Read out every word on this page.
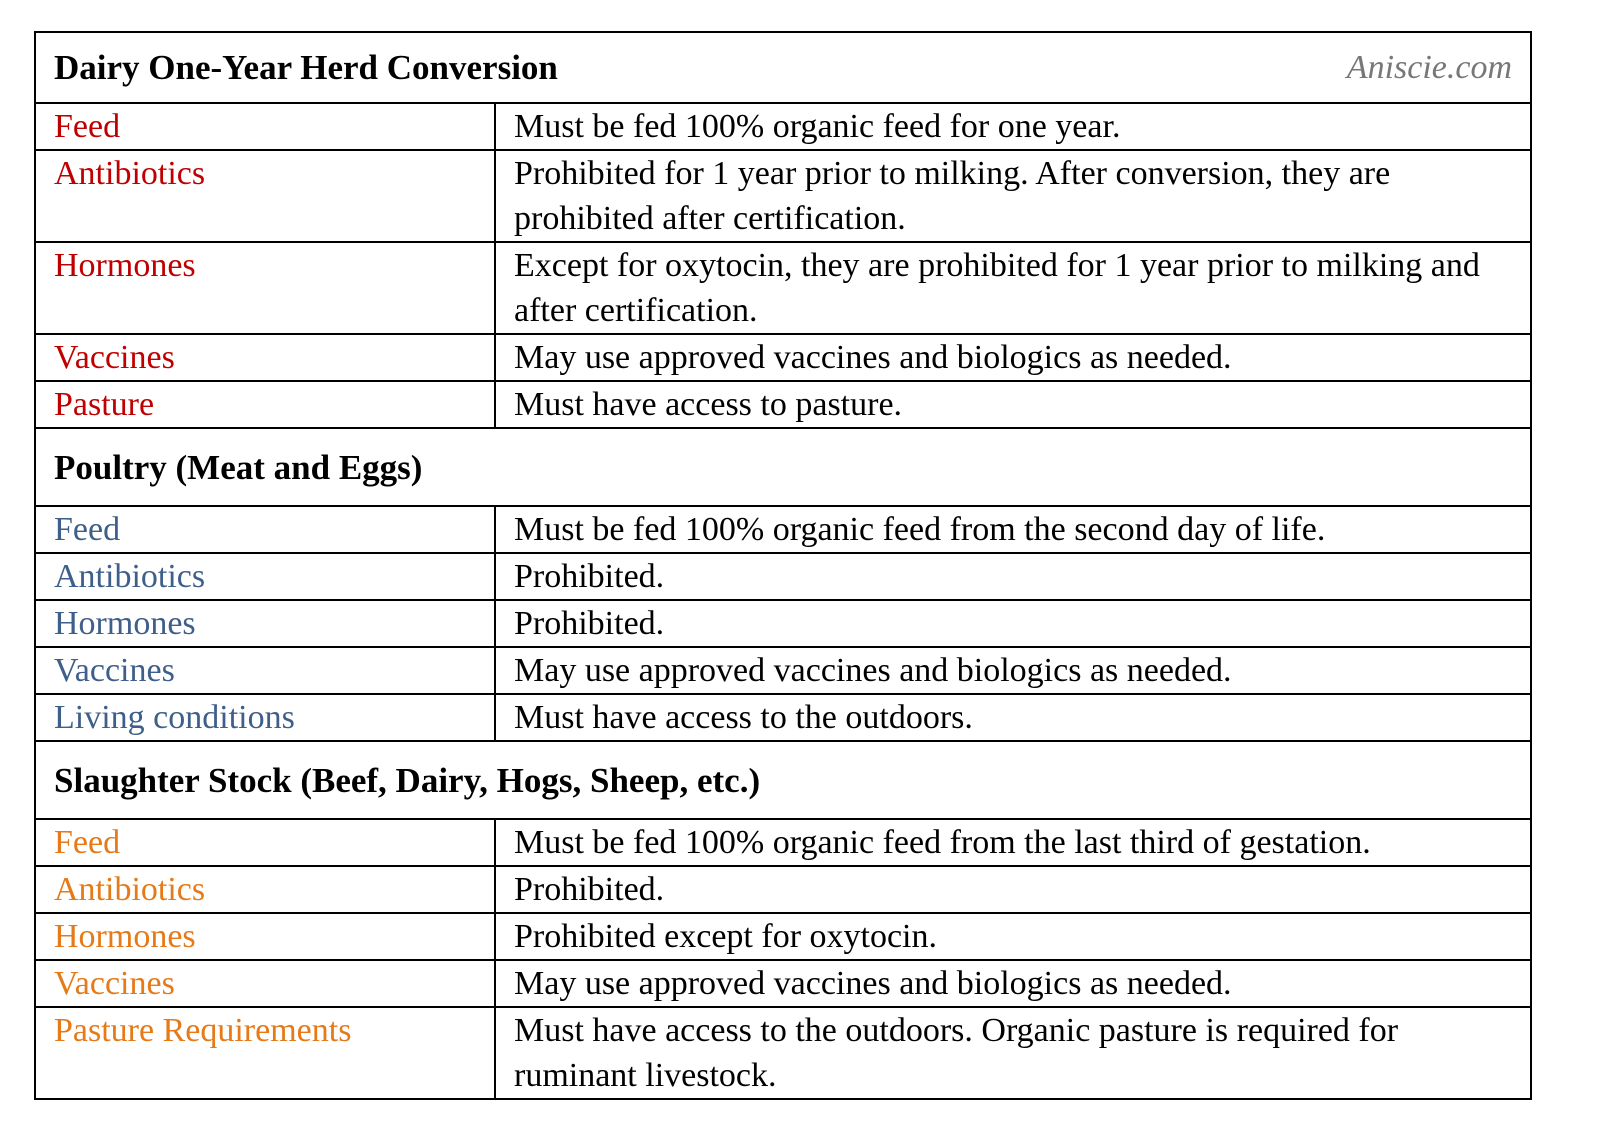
Dairy One-Year Herd Conversion Aniscie.com	

Feed	Must be fed 100% organic feed for one year.
Antibiotics	Prohibited for 1 year prior to milking. After conversion, they are prohibited after certification.
Hormones	Except for oxytocin, they are prohibited for 1 year prior to milking and after certification.
Vaccines	May use approved vaccines and biologics as needed.
Pasture	Must have access to pasture.
Poultry (Meat and Eggs)	
Feed	Must be fed 100% organic feed from the second day of life.
Antibiotics	Prohibited.
Hormones	Prohibited.
Vaccines	May use approved vaccines and biologics as needed.
Living conditions	Must have access to the outdoors.
Slaughter Stock (Beef, Dairy, Hogs, Sheep, etc.)	
Feed	Must be fed 100% organic feed from the last third of gestation.
Antibiotics	Prohibited.
Hormones	Prohibited except for oxytocin.
Vaccines	May use approved vaccines and biologics as needed.
Pasture Requirements	Must have access to the outdoors. Organic pasture is required for ruminant livestock.
